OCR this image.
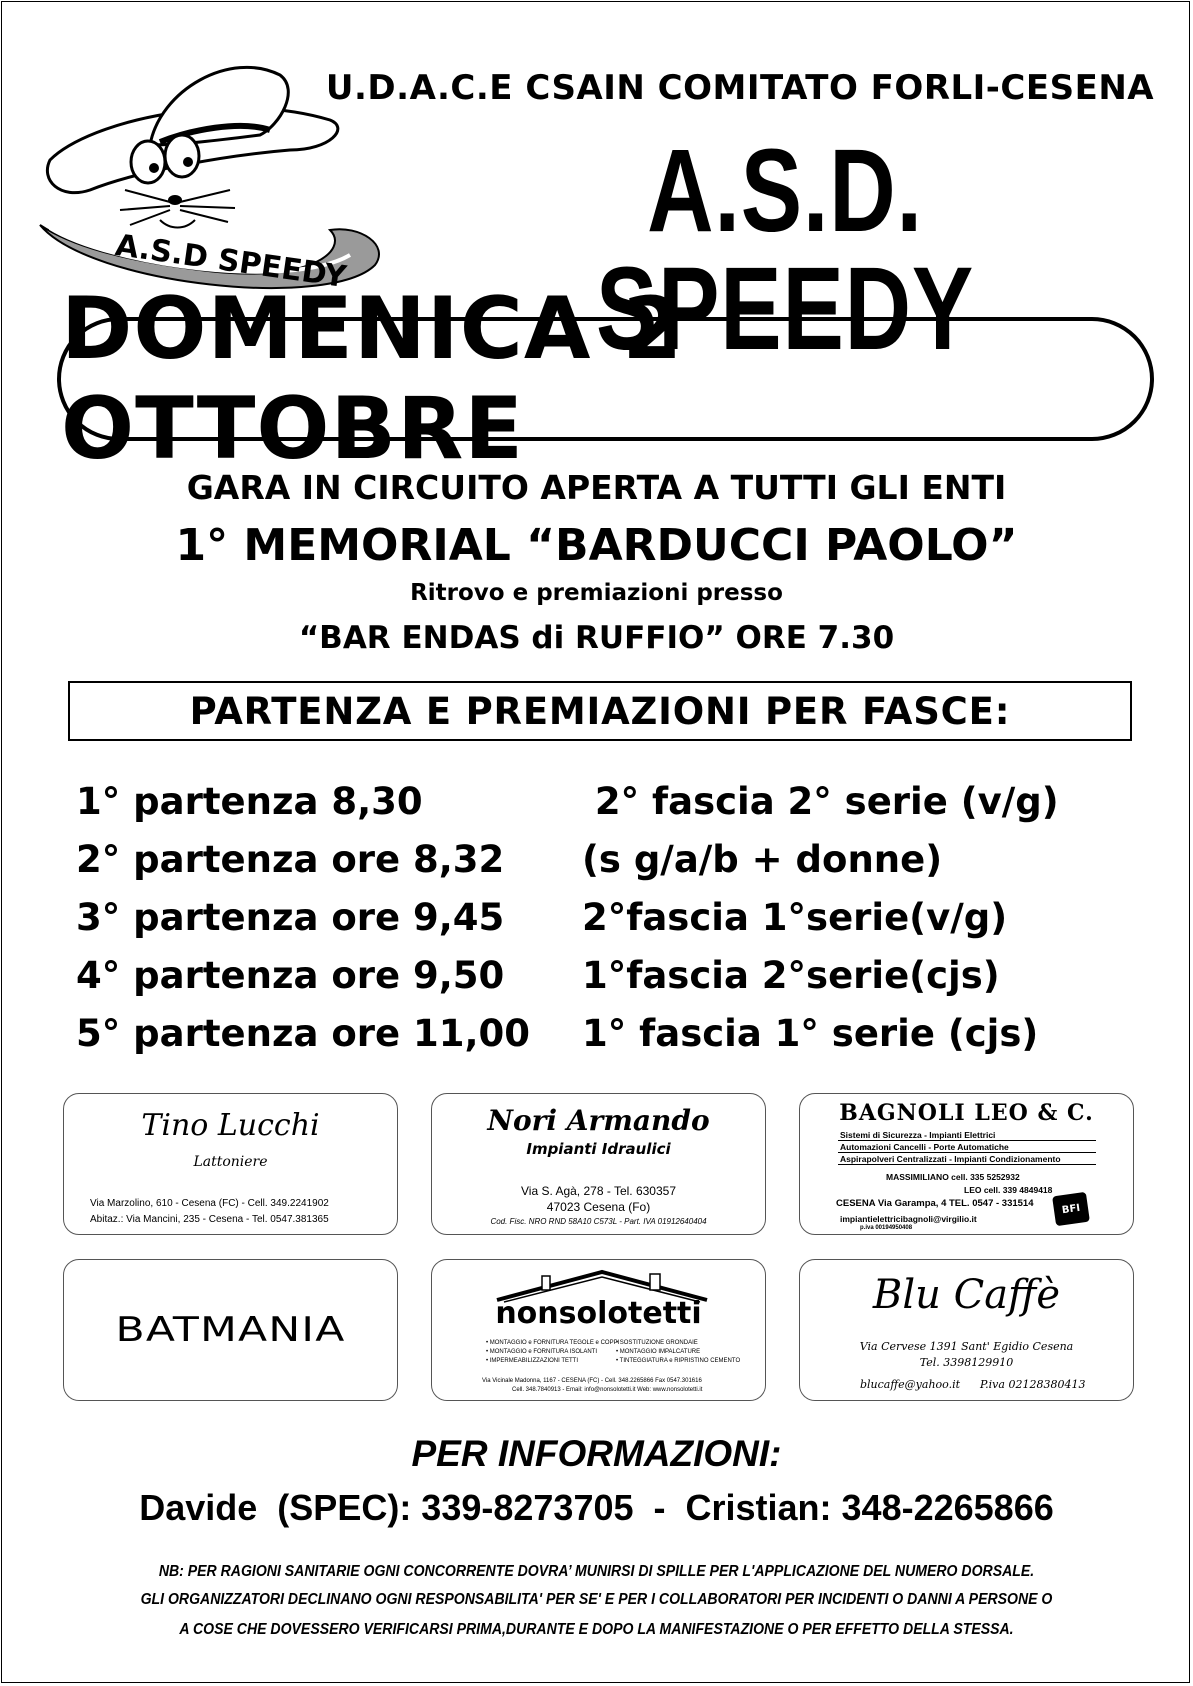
A.S.D SPEEDY
U.D.A.C.E CSAIN COMITATO FORLI-CESENA
A.S.D. SPEEDY
DOMENICA 2 OTTOBRE
GARA IN CIRCUITO APERTA A TUTTI GLI ENTI
1° MEMORIAL “BARDUCCI PAOLO”
Ritrovo e premiazioni presso
“BAR ENDAS di RUFFIO” ORE 7.30
PARTENZA E PREMIAZIONI PER FASCE:
1° partenza 8,30	2° fascia 2° serie (v/g)
2° partenza ore 8,32 (s g/a/b + donne)
3° partenza ore 9,45 2°fascia 1°serie(v/g)
4° partenza ore 9,50 1°fascia 2°serie(cjs)
5° partenza ore 11,00 1° fascia 1° serie (cjs)
Tino Lucchi
Lattoniere
Via Marzolino, 610 - Cesena (FC) - Cell. 349.2241902
Abitaz.: Via Mancini, 235 - Cesena - Tel. 0547.381365
Nori Armando
Impianti Idraulici
Via S. Agà, 278 - Tel. 630357
47023 Cesena (Fo)
Cod. Fisc. NRO RND 58A10 C573L - Part. IVA 01912640404
BAGNOLI LEO & C.
Sistemi di Sicurezza - Impianti Elettrici
Automazioni Cancelli - Porte Automatiche
Aspirapolveri Centralizzati - Impianti Condizionamento
MASSIMILIANO cell. 335 5252932
LEO cell. 339 4849418
CESENA Via Garampa, 4 TEL. 0547 - 331514
impiantielettricibagnoli@virgilio.it
p.iva 00194950408
BFI
BATMANIA	nonsolotetti
• MONTAGGIO e FORNITURA TEGOLE e COPPI
• MONTAGGIO e FORNITURA ISOLANTI
• IMPERMEABILIZZAZIONI TETTI
• SOSTITUZIONE GRONDAIE
• MONTAGGIO IMPALCATURE
• TINTEGGIATURA e RIPRISTINO CEMENTO
Via Vicinale Madonna, 1167 - CESENA (FC) - Cell. 348.2265866 Fax 0547.301616
Cell. 348.7840913 - Email: info@nonsolotetti.it Web: www.nonsolotetti.it
Blu Caffè
Via Cervese 1391 Sant' Egidio Cesena
Tel. 3398129910
blucaffe@yahoo.it P.iva 02128380413
PER INFORMAZIONI:
Davide  (SPEC): 339-8273705  -  Cristian: 348-2265866
NB: PER RAGIONI SANITARIE OGNI CONCORRENTE DOVRA’ MUNIRSI DI SPILLE PER L'APPLICAZIONE DEL NUMERO DORSALE.
GLI ORGANIZZATORI DECLINANO OGNI RESPONSABILITA' PER SE' E PER I COLLABORATORI PER INCIDENTI O DANNI A PERSONE O
A COSE CHE DOVESSERO VERIFICARSI PRIMA,DURANTE E DOPO LA MANIFESTAZIONE O PER EFFETTO DELLA STESSA.
